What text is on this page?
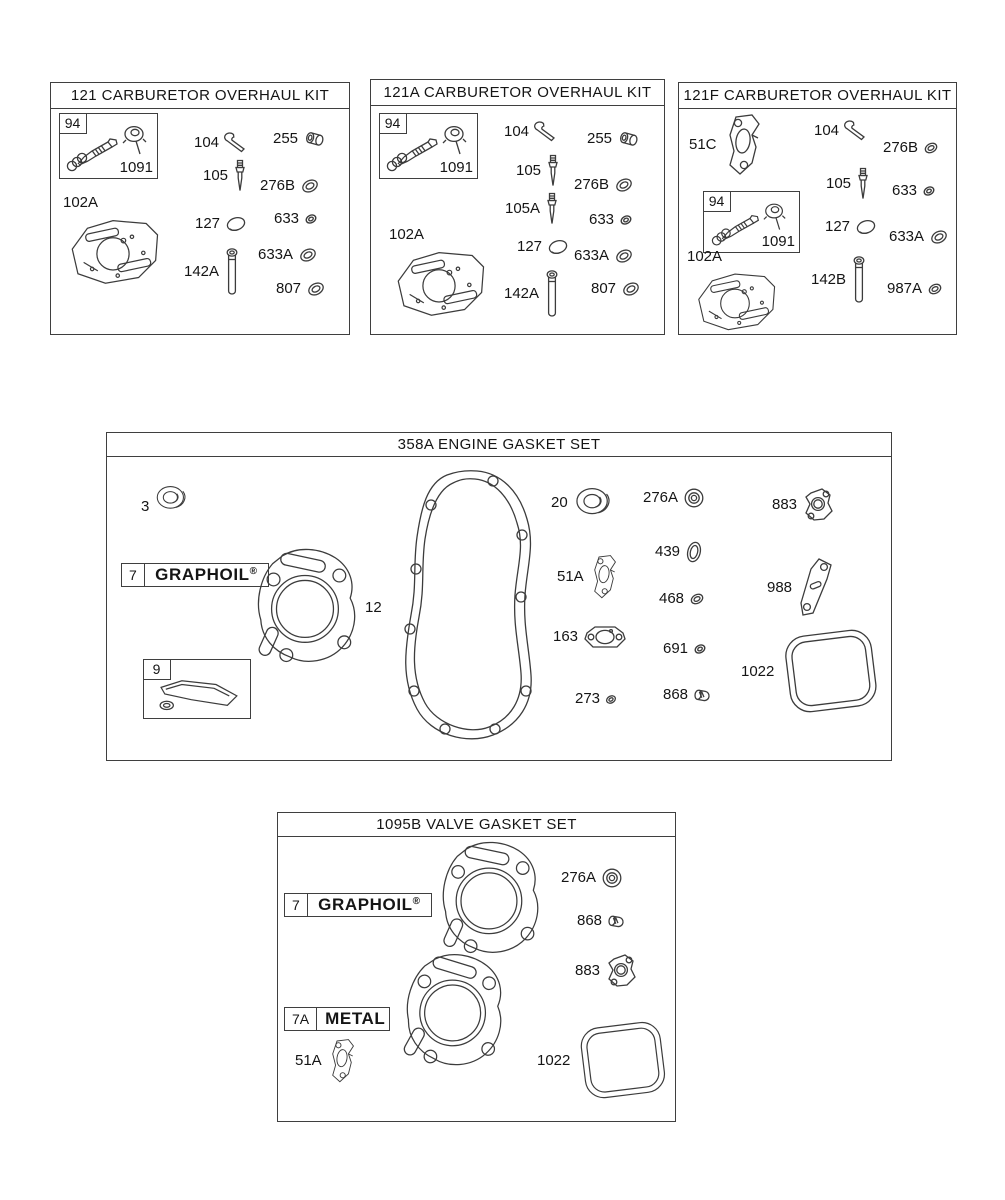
121 CARBURETOR OVERHAUL KIT
94
1091
102A
104	255
105
276B
127	633
142A
633A
807
121A CARBURETOR OVERHAUL KIT
94
1091
102A
104	255
105
276B
105A
633
127
633A
142A	807
121F CARBURETOR OVERHAUL KIT
51C
94
1091
102A
104
276B
105	633
127
633A
142B
987A
358A ENGINE GASKET SET
3
7	GRAPHOIL ®
9
12
20	276A	883
51A
439
988
468
163
691
1022
273	868
1095B VALVE GASKET SET
7	GRAPHOIL ®
7A METAL
51A
276A
868
883
1022
